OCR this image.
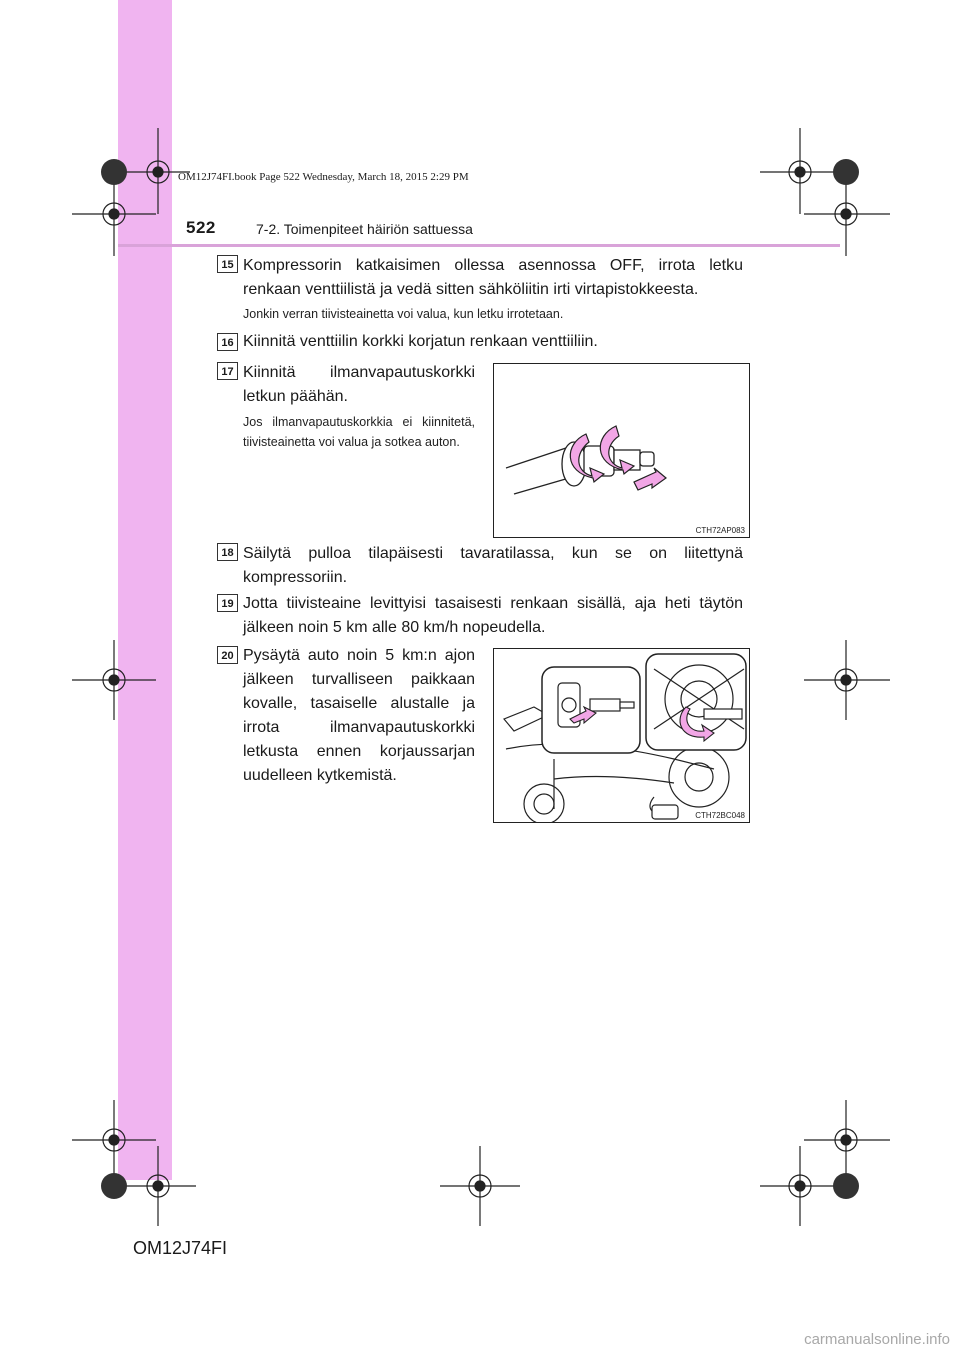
OM12J74FI.book Page 522 Wednesday, March 18, 2015 2:29 PM
522	7-2. Toimenpiteet häiriön sattuessa
15 Kompressorin katkaisimen ollessa asennossa OFF, irrota letku renkaan venttiilistä ja vedä sitten sähköliitin irti virtapistokkeesta.
Jonkin verran tiivisteainetta voi valua, kun letku irrotetaan.
16 Kiinnitä venttiilin korkki korjatun renkaan venttiiliin.
17 Kiinnitä ilmanvapautuskorkki letkun päähän.
Jos ilmanvapautuskorkkia ei kiinnitetä, tiivisteainetta voi valua ja sotkea auton.
CTH72AP083
18 Säilytä pulloa tilapäisesti tavaratilassa, kun se on liitettynä kompressoriin.
19 Jotta tiivisteaine levittyisi tasaisesti renkaan sisällä, aja heti täytön jälkeen noin 5 km alle 80 km/h nopeudella.
20 Pysäytä auto noin 5 km:n ajon jälkeen turvalliseen paikkaan kovalle, tasaiselle alustalle ja irrota ilmanvapautuskorkki letkusta ennen korjaussarjan uudelleen kytkemistä.
CTH72BC048
OM12J74FI
carmanualsonline.info
